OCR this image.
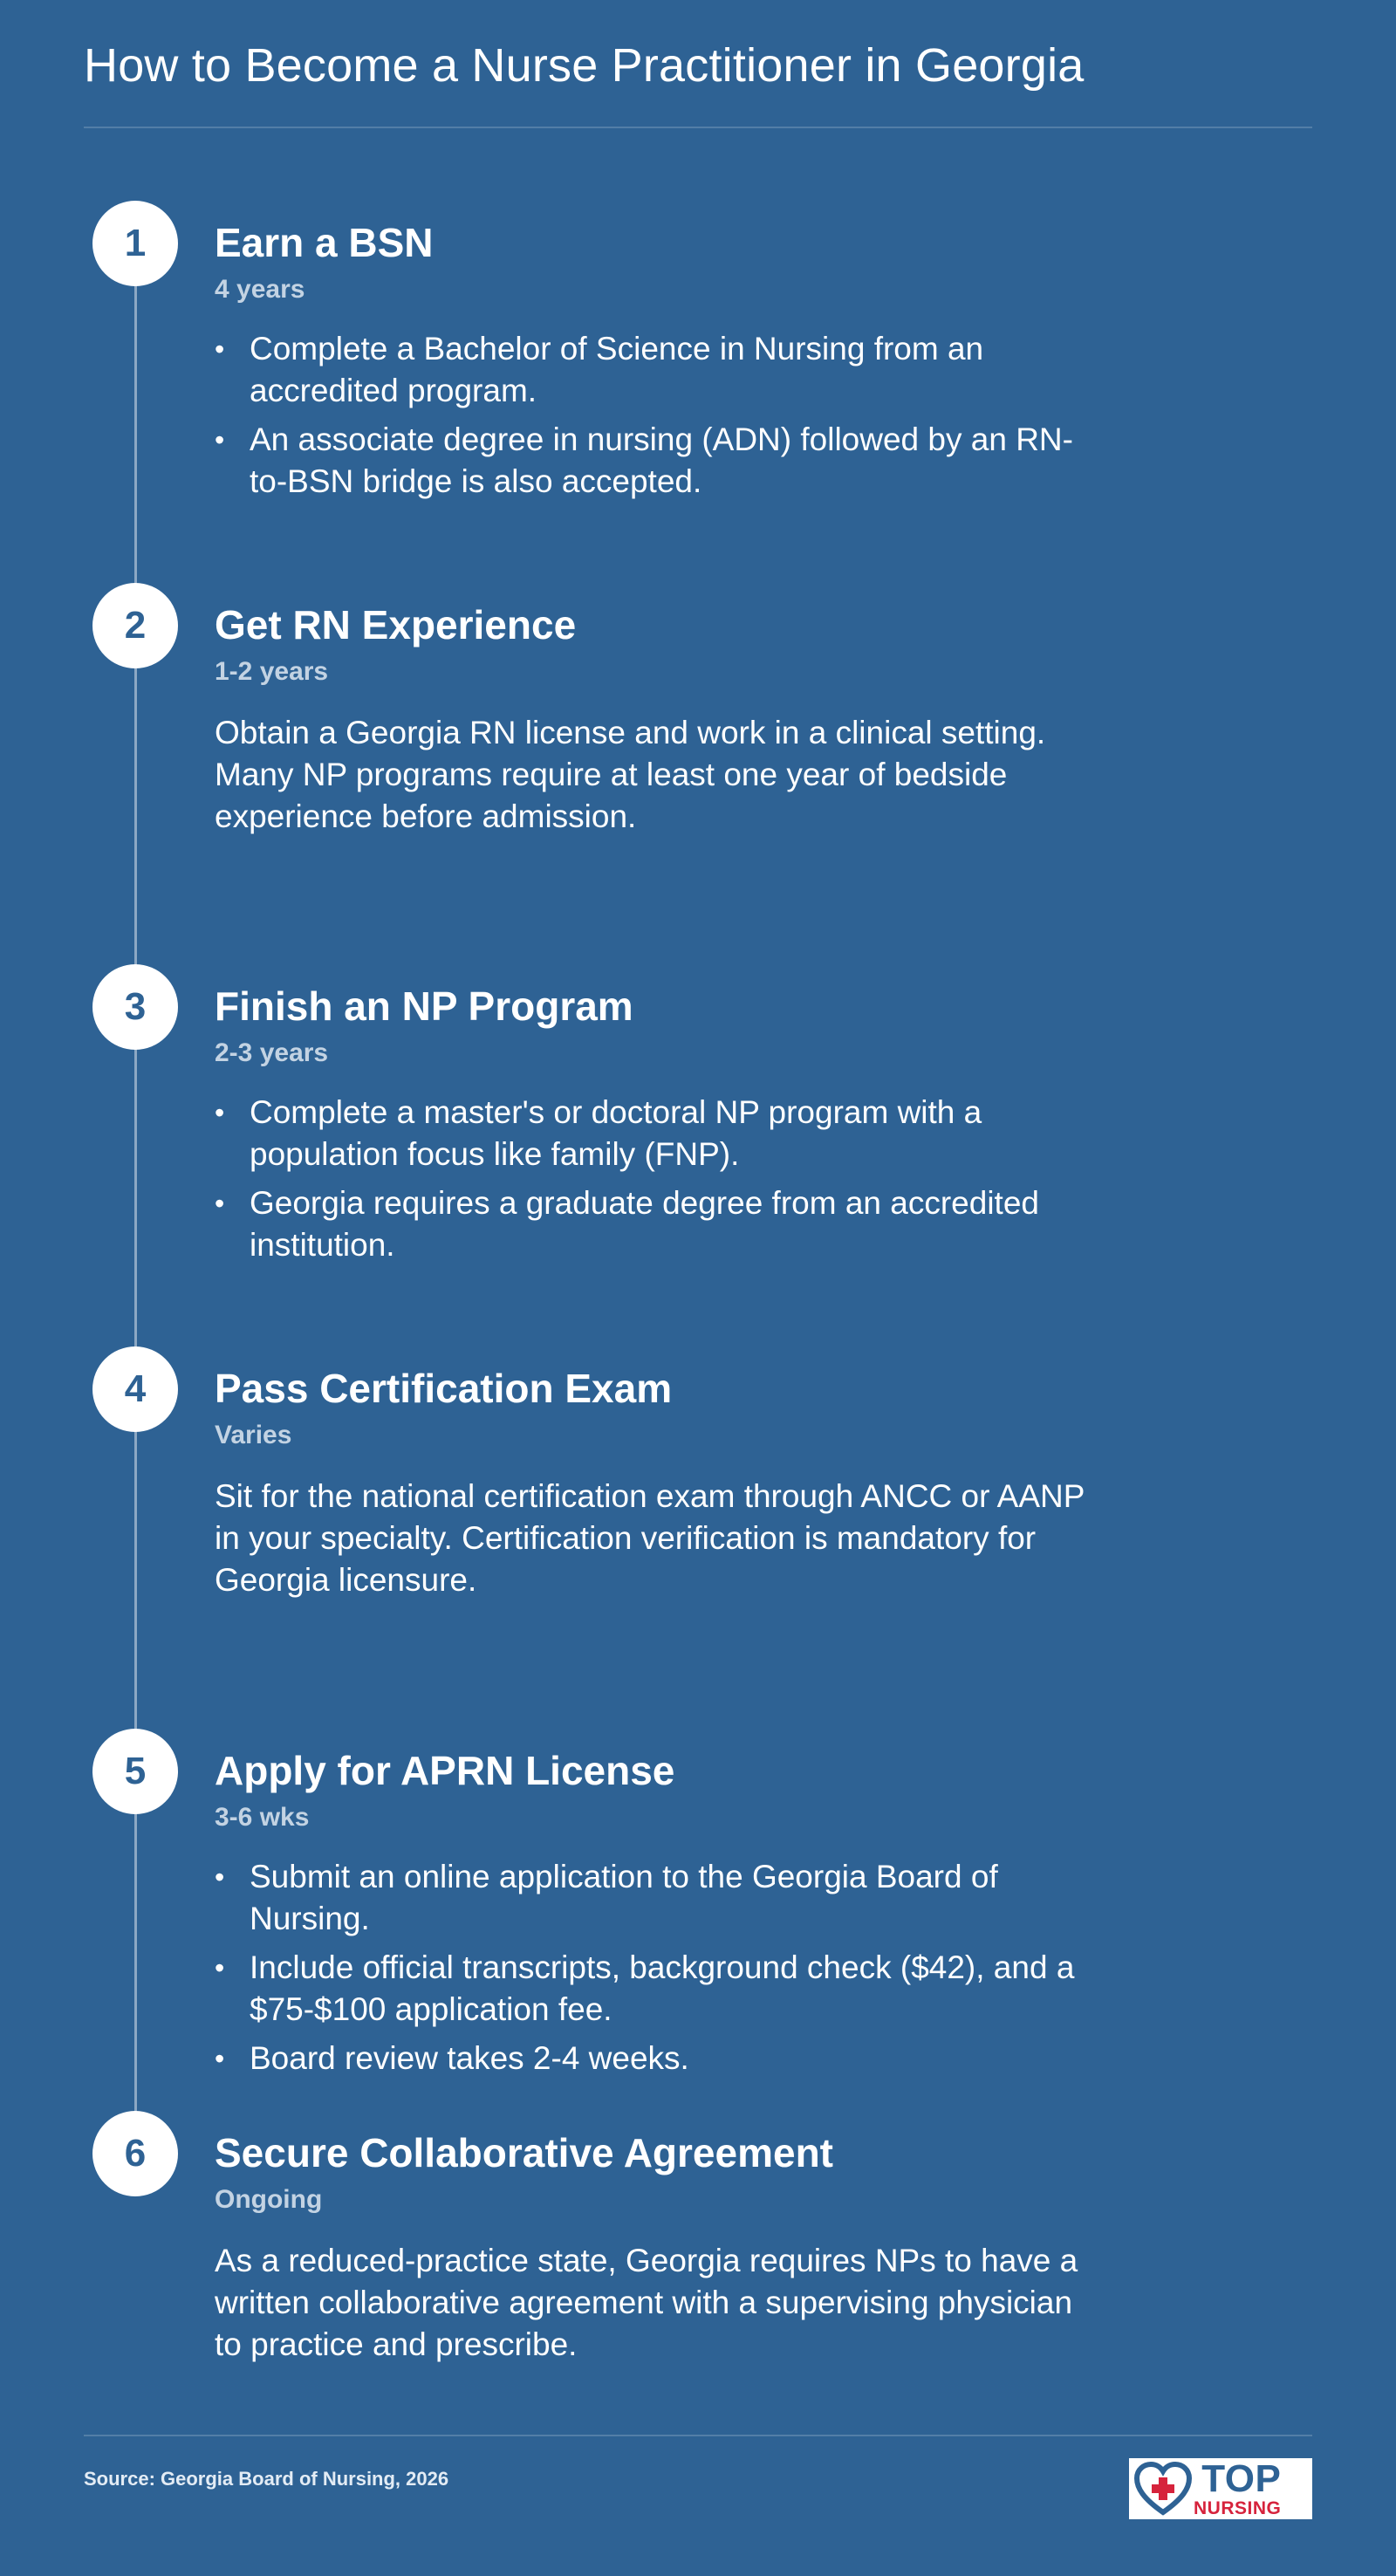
How to Become a Nurse Practitioner in Georgia
1	Earn a BSN
4 years
• Complete a Bachelor of Science in Nursing from an accredited program.
• An associate degree in nursing (ADN) followed by an RN-to-BSN bridge is also accepted.
2	Get RN Experience
1-2 years

Obtain a Georgia RN license and work in a clinical setting. Many NP programs require at least one year of bedside experience before admission.

3	Finish an NP Program
2-3 years
• Complete a master's or doctoral NP program with a population focus like family (FNP).
• Georgia requires a graduate degree from an accredited institution.
4	Pass Certification Exam
Varies

Sit for the national certification exam through ANCC or AANP in your specialty. Certification verification is mandatory for Georgia licensure.

5	Apply for APRN License
3-6 wks
• Submit an online application to the Georgia Board of Nursing.
• Include official transcripts, background check ($42), and a $75-$100 application fee.
• Board review takes 2-4 weeks.
6	Secure Collaborative Agreement
Ongoing

As a reduced-practice state, Georgia requires NPs to have a written collaborative agreement with a supervising physician to practice and prescribe.

Source: Georgia Board of Nursing, 2026	TOP
NURSING
